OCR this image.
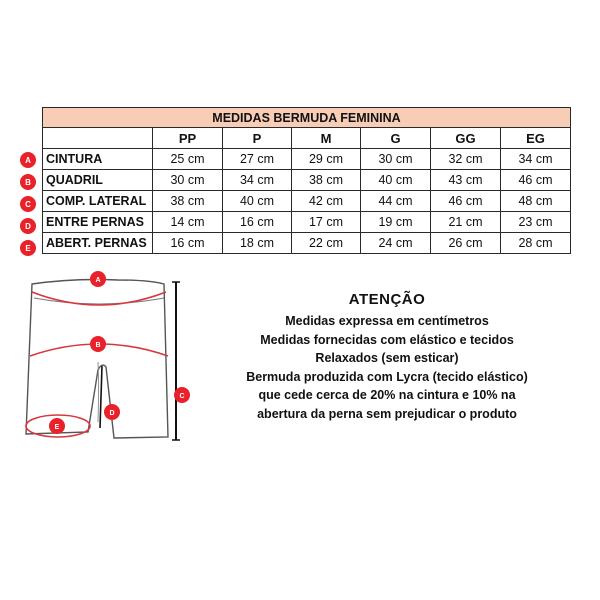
MEDIDAS BERMUDA FEMININA						
	PP	P	M	G	GG	EG
CINTURA	25 cm	27 cm	29 cm	30 cm	32 cm	34 cm
QUADRIL	30 cm	34 cm	38 cm	40 cm	43 cm	46 cm
COMP. LATERAL	38 cm	40 cm	42 cm	44 cm	46 cm	48 cm
ENTRE PERNAS	14 cm	16 cm	17 cm	19 cm	21 cm	23 cm
ABERT. PERNAS	16 cm	18 cm	22 cm	24 cm	26 cm	28 cm
A
B
C
D
E
A
B
C
D
E
ATENÇÃO
Medidas expressa em centímetros
Medidas fornecidas com elástico e tecidos
Relaxados (sem esticar)
Bermuda produzida com Lycra (tecido elástico)
que cede cerca de 20% na cintura e 10% na
abertura da perna sem prejudicar o produto
